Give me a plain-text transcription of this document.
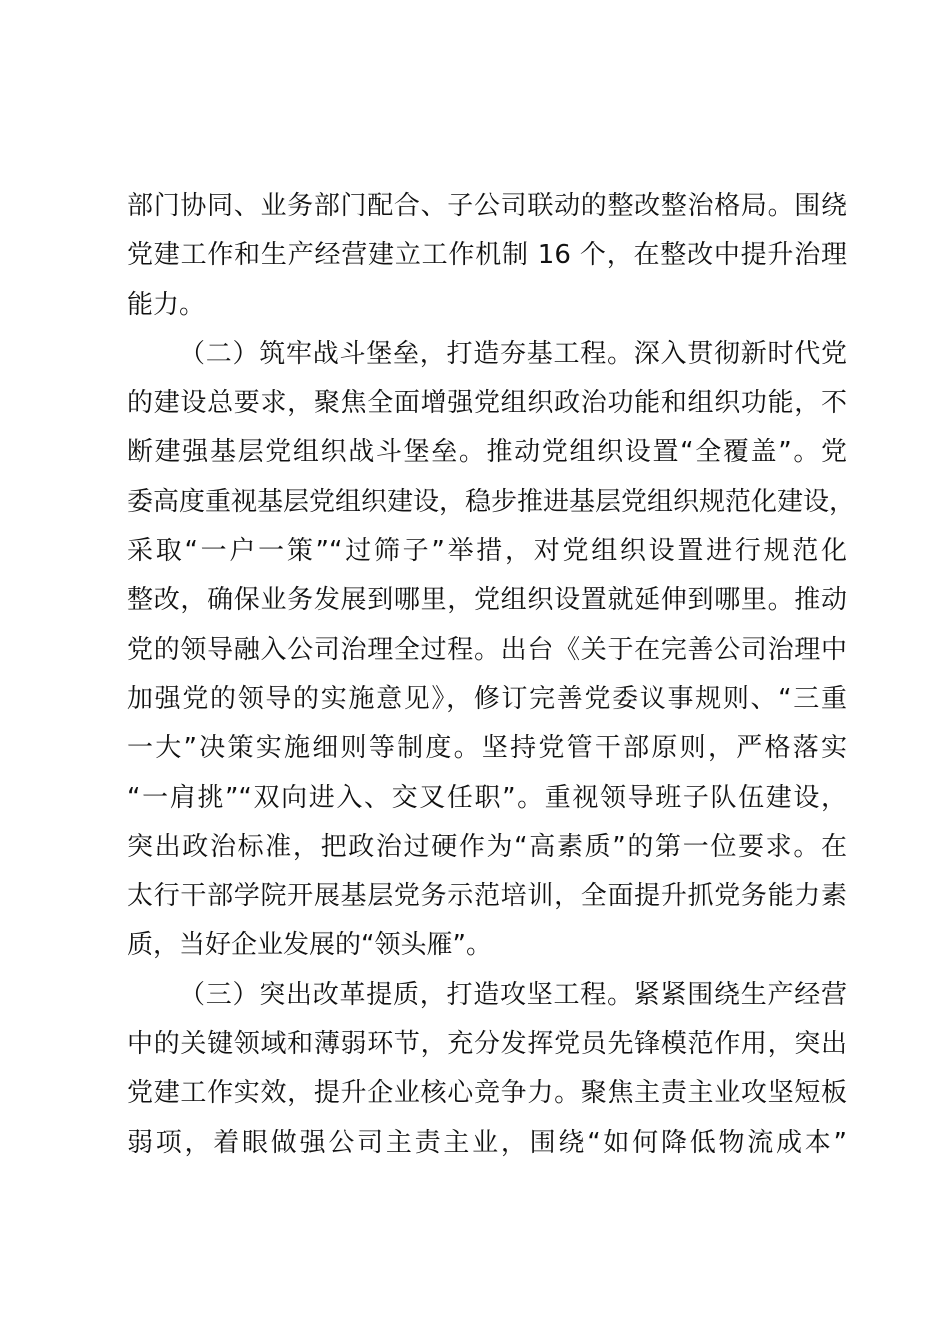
部门协同、业务部门配合、子公司联动的整改整治格局。围绕
党建工作和生产经营建立工作机制 16 个，在整改中提升治理
能力。
（二）筑牢战斗堡垒，打造夯基工程。深入贯彻新时代党
的建设总要求，聚焦全面增强党组织政治功能和组织功能，不
断建强基层党组织战斗堡垒。推动党组织设置“全覆盖”。党
委高度重视基层党组织建设，稳步推进基层党组织规范化建设，
采取“一户一策”“过筛子”举措，对党组织设置进行规范化
整改，确保业务发展到哪里，党组织设置就延伸到哪里。推动
党的领导融入公司治理全过程。出台《关于在完善公司治理中
加强党的领导的实施意见》，修订完善党委议事规则、“三重
一大”决策实施细则等制度。坚持党管干部原则，严格落实
“一肩挑”“双向进入、交叉任职”。重视领导班子队伍建设，
突出政治标准，把政治过硬作为“高素质”的第一位要求。在
太行干部学院开展基层党务示范培训，全面提升抓党务能力素
质，当好企业发展的“领头雁”。
（三）突出改革提质，打造攻坚工程。紧紧围绕生产经营
中的关键领域和薄弱环节，充分发挥党员先锋模范作用，突出
党建工作实效，提升企业核心竞争力。聚焦主责主业攻坚短板
弱项，着眼做强公司主责主业，围绕“如何降低物流成本”
